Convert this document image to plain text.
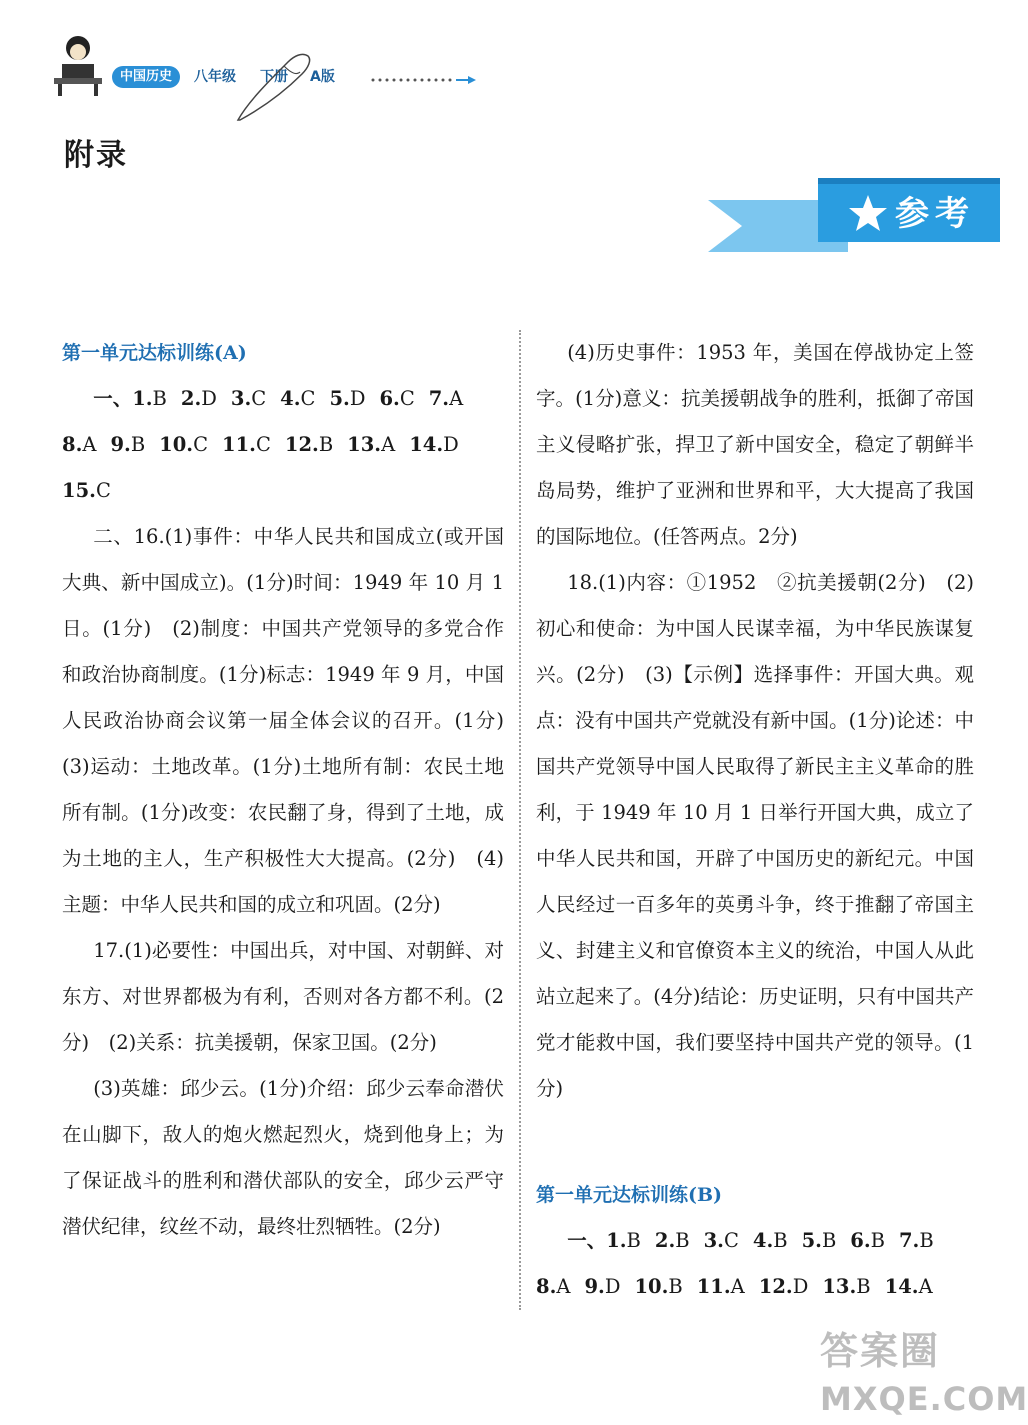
中国历史	八年级 下册 A版
附录
参考

第一单元达标训练(A)

一、1.B 2.D 3.C 4.C 5.D 6.C 7.A

8.A 9.B 10.C 11.C 12.B 13.A 14.D

15.C

二、16.(1)事件：中华人民共和国成立(或开国大典、新中国成立)。(1分)时间：1949 年 10 月 1 日。(1分)　(2)制度：中国共产党领导的多党合作和政治协商制度。(1分)标志：1949 年 9 月，中国人民政治协商会议第一届全体会议的召开。(1分)　(3)运动：土地改革。(1分)土地所有制：农民土地所有制。(1分)改变：农民翻了身，得到了土地，成为土地的主人，生产积极性大大提高。(2分)　(4)主题：中华人民共和国的成立和巩固。(2分)

17.(1)必要性：中国出兵，对中国、对朝鲜、对东方、对世界都极为有利，否则对各方都不利。(2分)　(2)关系：抗美援朝，保家卫国。(2分)

(3)英雄：邱少云。(1分)介绍：邱少云奉命潜伏在山脚下，敌人的炮火燃起烈火，烧到他身上；为了保证战斗的胜利和潜伏部队的安全，邱少云严守潜伏纪律，纹丝不动，最终壮烈牺牲。(2分)

(4)历史事件：1953 年，美国在停战协定上签字。(1分)意义：抗美援朝战争的胜利，抵御了帝国主义侵略扩张，捍卫了新中国安全，稳定了朝鲜半岛局势，维护了亚洲和世界和平，大大提高了我国的国际地位。(任答两点。2分)

18.(1)内容：①1952　②抗美援朝(2分)　(2)初心和使命：为中国人民谋幸福，为中华民族谋复兴。(2分)　(3)【示例】选择事件：开国大典。观点：没有中国共产党就没有新中国。(1分)论述：中国共产党领导中国人民取得了新民主主义革命的胜利，于 1949 年 10 月 1 日举行开国大典，成立了中华人民共和国，开辟了中国历史的新纪元。中国人民经过一百多年的英勇斗争，终于推翻了帝国主义、封建主义和官僚资本主义的统治，中国人从此站立起来了。(4分)结论：历史证明，只有中国共产党才能救中国，我们要坚持中国共产党的领导。(1分)

第一单元达标训练(B)

一、1.B 2.B 3.C 4.B 5.B 6.B 7.B

8.A 9.D 10.B 11.A 12.D 13.B 14.A

答案圈
MXQE.COM
